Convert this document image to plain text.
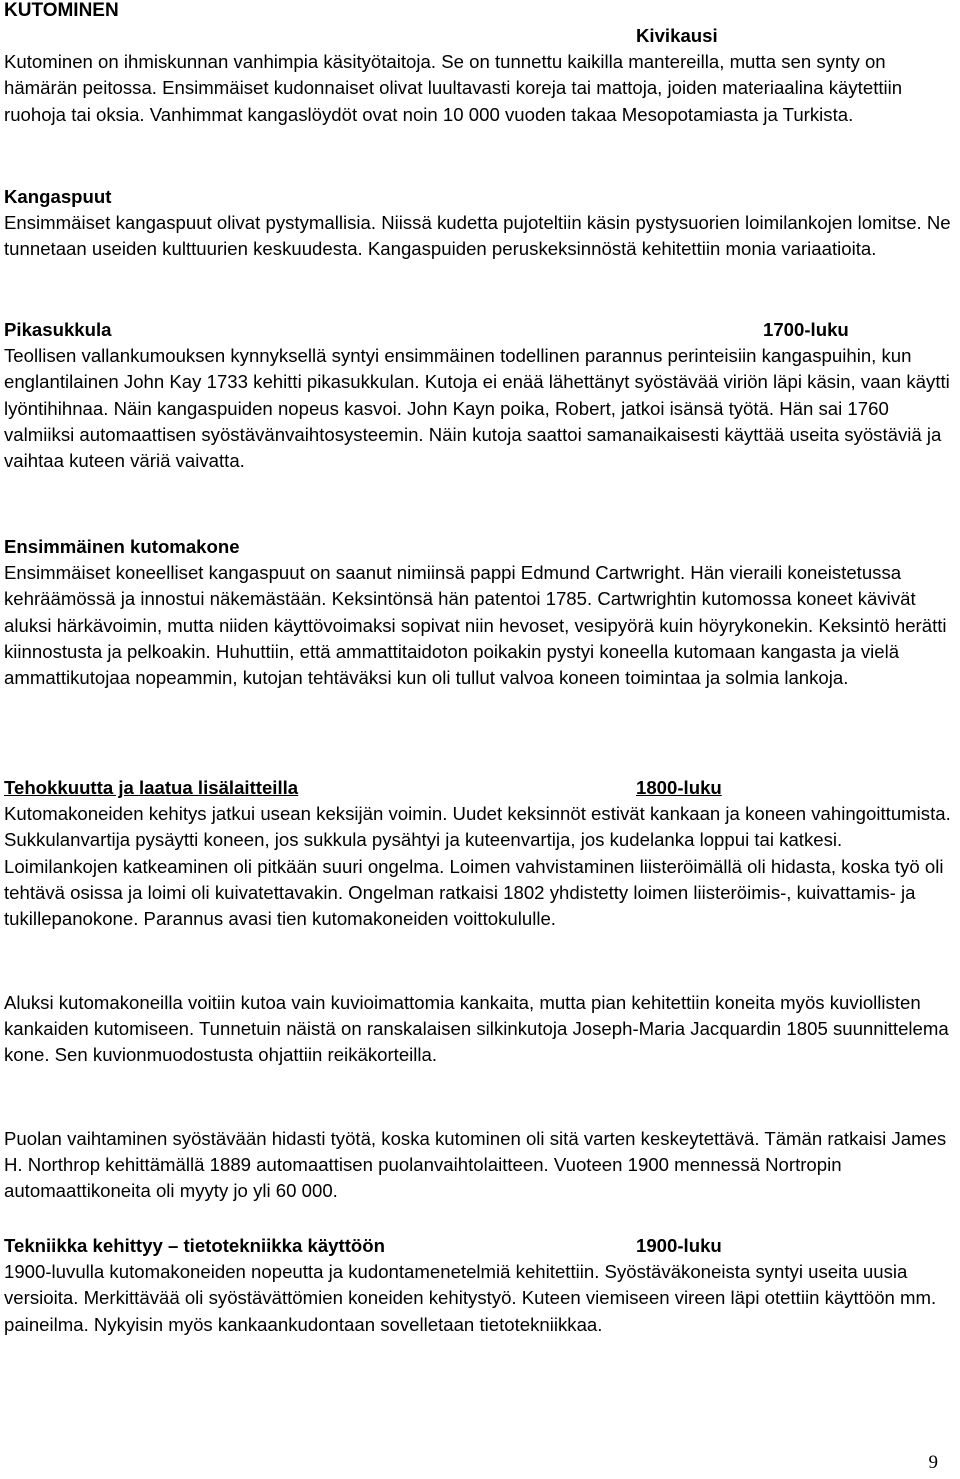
KUTOMINEN
Kivikausi

Kutominen on ihmiskunnan vanhimpia käsityötaitoja. Se on tunnettu kaikilla mantereilla, mutta sen synty on hämärän peitossa. Ensimmäiset kudonnaiset olivat luultavasti koreja tai mattoja, joiden materiaalina käytettiin ruohoja tai oksia. Vanhimmat kangaslöydöt ovat noin 10 000 vuoden takaa Mesopotamiasta ja Turkista.

Kangaspuut

Ensimmäiset kangaspuut olivat pystymallisia. Niissä kudetta pujoteltiin käsin pystysuorien loimilankojen lomitse. Ne tunnetaan useiden kulttuurien keskuudesta. Kangaspuiden peruskeksinnöstä kehitettiin monia variaatioita.

Pikasukkula	1700-luku

Teollisen vallankumouksen kynnyksellä syntyi ensimmäinen todellinen parannus perinteisiin kangaspuihin, kun englantilainen John Kay 1733 kehitti pikasukkulan. Kutoja ei enää lähettänyt syöstävää viriön läpi käsin, vaan käytti lyöntihihnaa. Näin kangaspuiden nopeus kasvoi. John Kayn poika, Robert, jatkoi isänsä työtä. Hän sai 1760 valmiiksi automaattisen syöstävänvaihtosysteemin. Näin kutoja saattoi samanaikaisesti käyttää useita syöstäviä ja vaihtaa kuteen väriä vaivatta.

Ensimmäinen kutomakone

Ensimmäiset koneelliset kangaspuut on saanut nimiinsä pappi Edmund Cartwright. Hän vieraili koneistetussa kehräämössä ja innostui näkemästään. Keksintönsä hän patentoi 1785. Cartwrightin kutomossa koneet kävivät aluksi härkävoimin, mutta niiden käyttövoimaksi sopivat niin hevoset, vesipyörä kuin höyrykonekin. Keksintö herätti kiinnostusta ja pelkoakin. Huhuttiin, että ammattitaidoton poikakin pystyi koneella kutomaan kangasta ja vielä ammattikutojaa nopeammin, kutojan tehtäväksi kun oli tullut valvoa koneen toimintaa ja solmia lankoja.

Tehokkuutta ja laatua lisälaitteilla	1800-luku

Kutomakoneiden kehitys jatkui usean keksijän voimin. Uudet keksinnöt estivät kankaan ja koneen vahingoittumista. Sukkulanvartija pysäytti koneen, jos sukkula pysähtyi ja kuteenvartija, jos kudelanka loppui tai katkesi. Loimilankojen katkeaminen oli pitkään suuri ongelma. Loimen vahvistaminen liisteröimällä oli hidasta, koska työ oli tehtävä osissa ja loimi oli kuivatettavakin. Ongelman ratkaisi 1802 yhdistetty loimen liisteröimis-, kuivattamis- ja tukillepanokone. Parannus avasi tien kutomakoneiden voittokululle.

Aluksi kutomakoneilla voitiin kutoa vain kuvioimattomia kankaita, mutta pian kehitettiin koneita myös kuviollisten kankaiden kutomiseen. Tunnetuin näistä on ranskalaisen silkinkutoja Joseph-Maria Jacquardin 1805 suunnittelema kone. Sen kuvionmuodostusta ohjattiin reikäkorteilla.

Puolan vaihtaminen syöstävään hidasti työtä, koska kutominen oli sitä varten keskeytettävä. Tämän ratkaisi James H. Northrop kehittämällä 1889 automaattisen puolanvaihtolaitteen. Vuoteen 1900 mennessä Nortropin automaattikoneita oli myyty jo yli 60 000.

Tekniikka kehittyy – tietotekniikka käyttöön	1900-luku

1900-luvulla kutomakoneiden nopeutta ja kudontamenetelmiä kehitettiin. Syöstäväkoneista syntyi useita uusia versioita. Merkittävää oli syöstävättömien koneiden kehitystyö. Kuteen viemiseen vireen läpi otettiin käyttöön mm. paineilma. Nykyisin myös kankaankudontaan sovelletaan tietotekniikkaa.

9
